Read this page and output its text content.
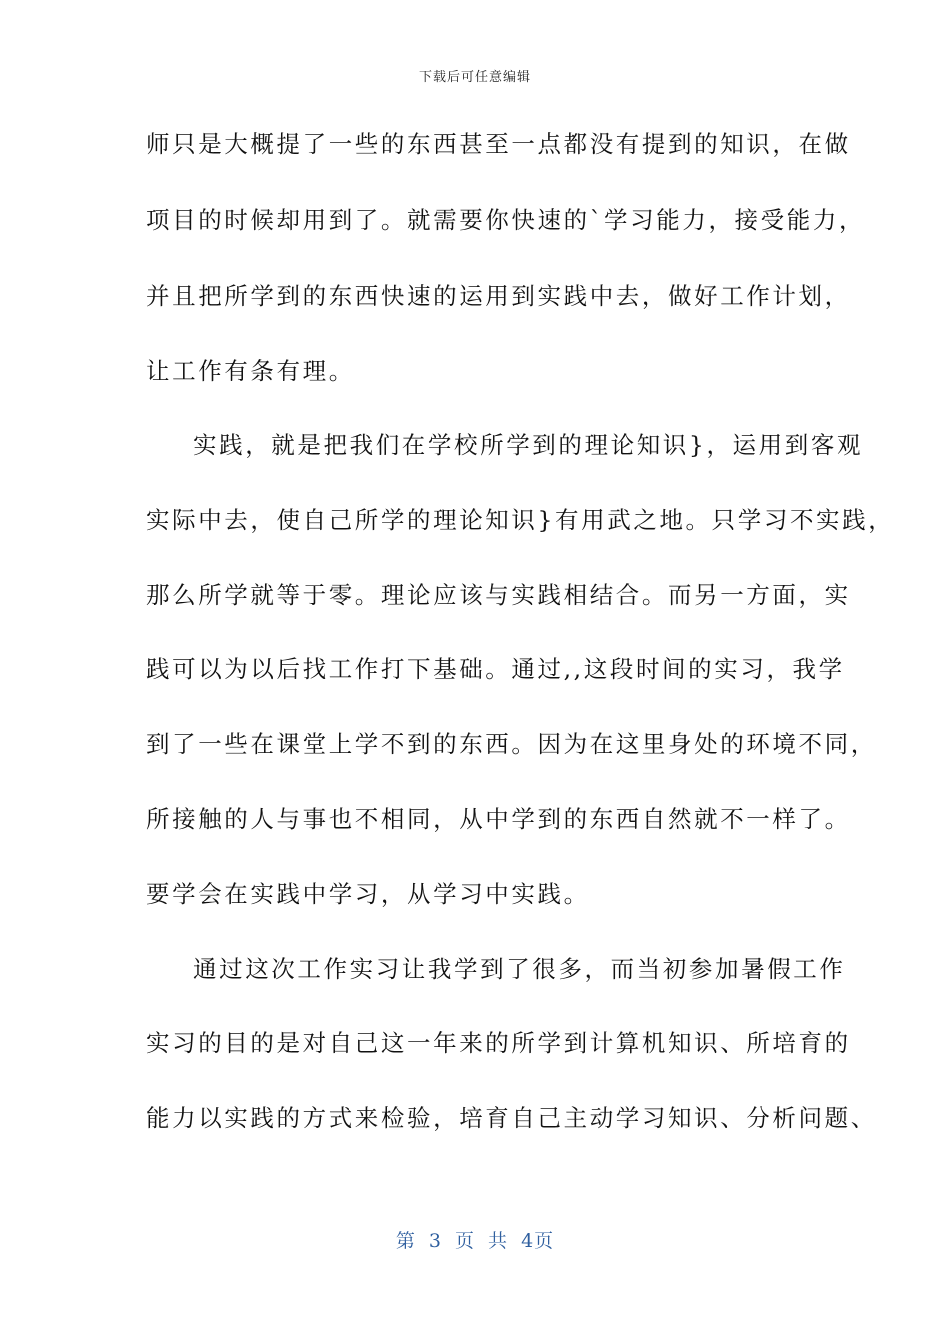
下载后可任意编辑
师只是大概提了一些的东西甚至一点都没有提到的知识，在做
项目的时候却用到了。就需要你快速的`学习能力，接受能力，
并且把所学到的东西快速的运用到实践中去，做好工作计划，
让工作有条有理。
实践，就是把我们在学校所学到的理论知识}，运用到客观
实际中去，使自己所学的理论知识}有用武之地。只学习不实践，
那么所学就等于零。理论应该与实践相结合。而另一方面，实
践可以为以后找工作打下基础。通过,,这段时间的实习，我学
到了一些在课堂上学不到的东西。因为在这里身处的环境不同，
所接触的人与事也不相同，从中学到的东西自然就不一样了。
要学会在实践中学习，从学习中实践。
通过这次工作实习让我学到了很多，而当初参加暑假工作
实习的目的是对自己这一年来的所学到计算机知识、所培育的
能力以实践的方式来检验，培育自己主动学习知识、分析问题、
第 3 页 共 4页
